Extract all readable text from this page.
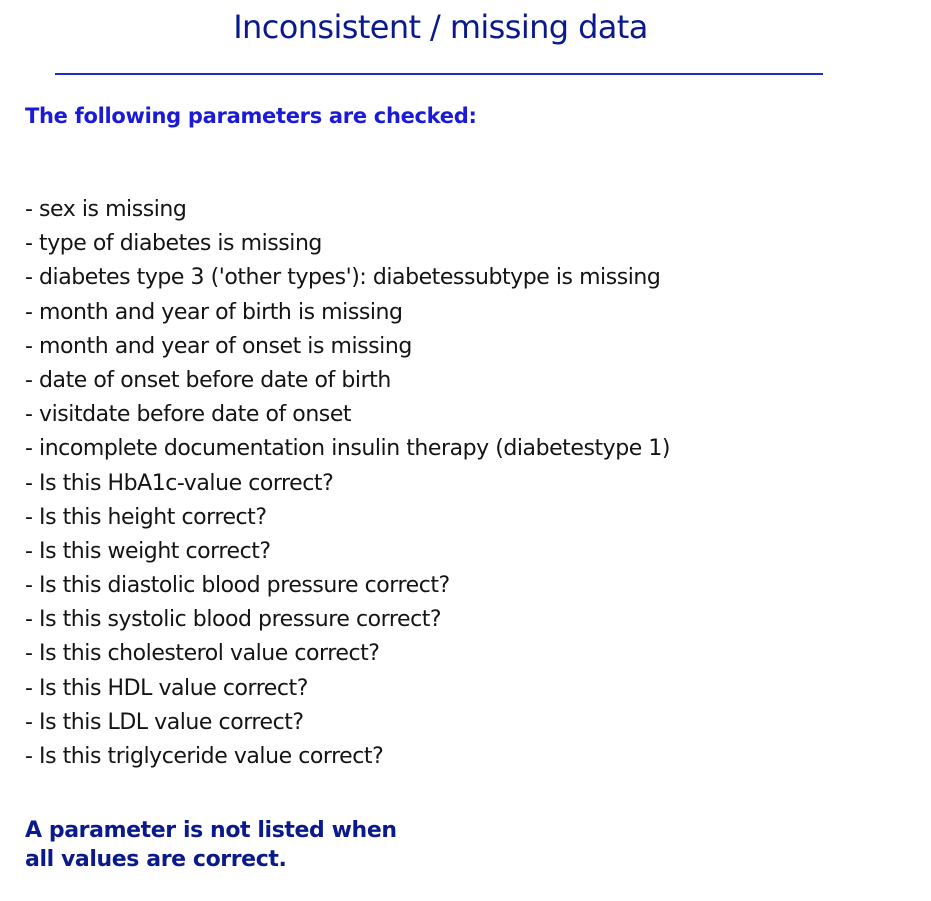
Inconsistent / missing data

The following parameters are checked:

- sex is missing
- type of diabetes is missing
- diabetes type 3 ('other types'): diabetessubtype is missing
- month and year of birth is missing
- month and year of onset is missing
- date of onset before date of birth
- visitdate before date of onset
- incomplete documentation insulin therapy (diabetestype 1)
- Is this HbA1c-value correct?
- Is this height correct?
- Is this weight correct?
- Is this diastolic blood pressure correct?
- Is this systolic blood pressure correct?
- Is this cholesterol value correct?
- Is this HDL value correct?
- Is this LDL value correct?
- Is this triglyceride value correct?

A parameter is not listed when
all values are correct.
